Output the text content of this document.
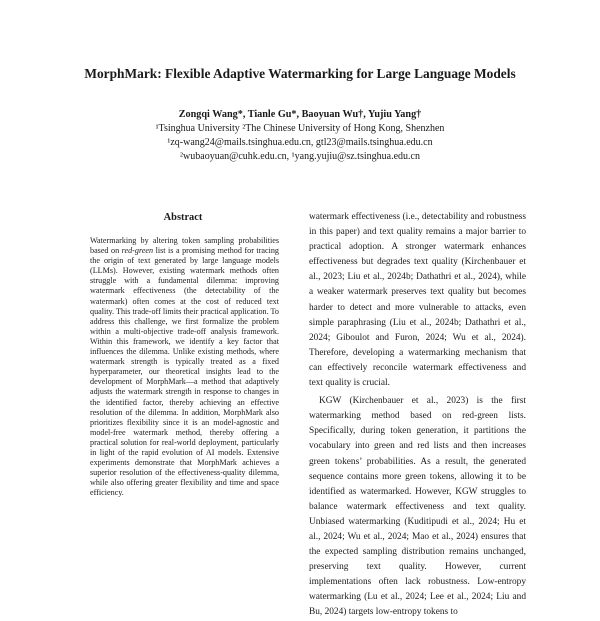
MorphMark: Flexible Adaptive Watermarking for Large Language Models
Zongqi Wang*, Tianle Gu*, Baoyuan Wu†, Yujiu Yang†
¹Tsinghua University ²The Chinese University of Hong Kong, Shenzhen
¹zq-wang24@mails.tsinghua.edu.cn, gtl23@mails.tsinghua.edu.cn
²wubaoyuan@cuhk.edu.cn, ¹yang.yujiu@sz.tsinghua.edu.cn
Abstract
Watermarking by altering token sampling probabilities based on red-green list is a promising method for tracing the origin of text generated by large language models (LLMs). However, existing watermark methods often struggle with a fundamental dilemma: improving watermark effectiveness (the detectability of the watermark) often comes at the cost of reduced text quality. This trade-off limits their practical application. To address this challenge, we first formalize the problem within a multi-objective trade-off analysis framework. Within this framework, we identify a key factor that influences the dilemma. Unlike existing methods, where watermark strength is typically treated as a fixed hyperparameter, our theoretical insights lead to the development of MorphMark—a method that adaptively adjusts the watermark strength in response to changes in the identified factor, thereby achieving an effective resolution of the dilemma. In addition, MorphMark also prioritizes flexibility since it is an model-agnostic and model-free watermark method, thereby offering a practical solution for real-world deployment, particularly in light of the rapid evolution of AI models. Extensive experiments demonstrate that MorphMark achieves a superior resolution of the effectiveness-quality dilemma, while also offering greater flexibility and time and space efficiency.

watermark effectiveness (i.e., detectability and robustness in this paper) and text quality remains a major barrier to practical adoption. A stronger watermark enhances effectiveness but degrades text quality (Kirchenbauer et al., 2023; Liu et al., 2024b; Dathathri et al., 2024), while a weaker watermark preserves text quality but becomes harder to detect and more vulnerable to attacks, even simple paraphrasing (Liu et al., 2024b; Dathathri et al., 2024; Giboulot and Furon, 2024; Wu et al., 2024). Therefore, developing a watermarking mechanism that can effectively reconcile watermark effectiveness and text quality is crucial.

KGW (Kirchenbauer et al., 2023) is the first watermarking method based on red-green lists. Specifically, during token generation, it partitions the vocabulary into green and red lists and then increases green tokens’ probabilities. As a result, the generated sequence contains more green tokens, allowing it to be identified as watermarked. However, KGW struggles to balance watermark effectiveness and text quality. Unbiased watermarking (Kuditipudi et al., 2024; Hu et al., 2024; Wu et al., 2024; Mao et al., 2024) ensures that the expected sampling distribution remains unchanged, preserving text quality. However, current implementations often lack robustness. Low-entropy watermarking (Lu et al., 2024; Lee et al., 2024; Liu and Bu, 2024) targets low-entropy tokens to
